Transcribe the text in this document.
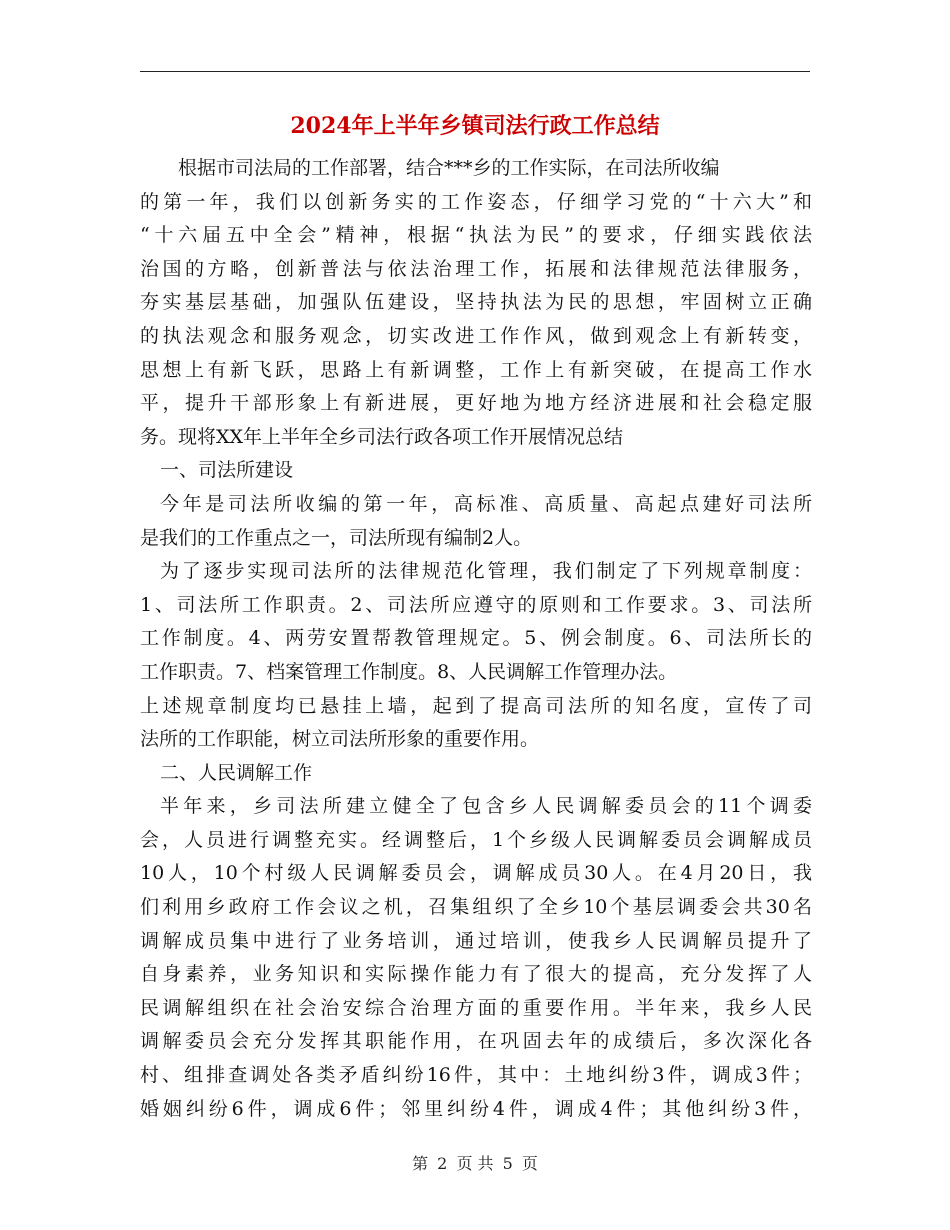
2024年上半年乡镇司法行政工作总结
根据市司法局的工作部署，结合***乡的工作实际，在司法所收编
的第一年，我们以创新务实的工作姿态，仔细学习党的“十六大”和
“十六届五中全会”精神，根据“执法为民”的要求，仔细实践依法
治国的方略，创新普法与依法治理工作，拓展和法律规范法律服务，
夯实基层基础，加强队伍建设，坚持执法为民的思想，牢固树立正确
的执法观念和服务观念，切实改进工作作风，做到观念上有新转变，
思想上有新飞跃，思路上有新调整，工作上有新突破，在提高工作水
平，提升干部形象上有新进展，更好地为地方经济进展和社会稳定服
务。现将XX年上半年全乡司法行政各项工作开展情况总结
一、司法所建设
今年是司法所收编的第一年，高标准、高质量、高起点建好司法所
是我们的工作重点之一，司法所现有编制2人。
为了逐步实现司法所的法律规范化管理，我们制定了下列规章制度：
1、司法所工作职责。2、司法所应遵守的原则和工作要求。3、司法所
工作制度。4、两劳安置帮教管理规定。5、例会制度。6、司法所长的
工作职责。7、档案管理工作制度。8、人民调解工作管理办法。
上述规章制度均已悬挂上墙，起到了提高司法所的知名度，宣传了司
法所的工作职能，树立司法所形象的重要作用。
二、人民调解工作
半年来，乡司法所建立健全了包含乡人民调解委员会的11个调委
会，人员进行调整充实。经调整后，1个乡级人民调解委员会调解成员
10人，10个村级人民调解委员会，调解成员30人。在4月20日，我
们利用乡政府工作会议之机，召集组织了全乡10个基层调委会共30名
调解成员集中进行了业务培训，通过培训，使我乡人民调解员提升了
自身素养，业务知识和实际操作能力有了很大的提高，充分发挥了人
民调解组织在社会治安综合治理方面的重要作用。半年来，我乡人民
调解委员会充分发挥其职能作用，在巩固去年的成绩后，多次深化各
村、组排查调处各类矛盾纠纷16件，其中：土地纠纷3件，调成3件；
婚姻纠纷6件，调成6件；邻里纠纷4件，调成4件；其他纠纷3件，
第 2 页 共 5 页
